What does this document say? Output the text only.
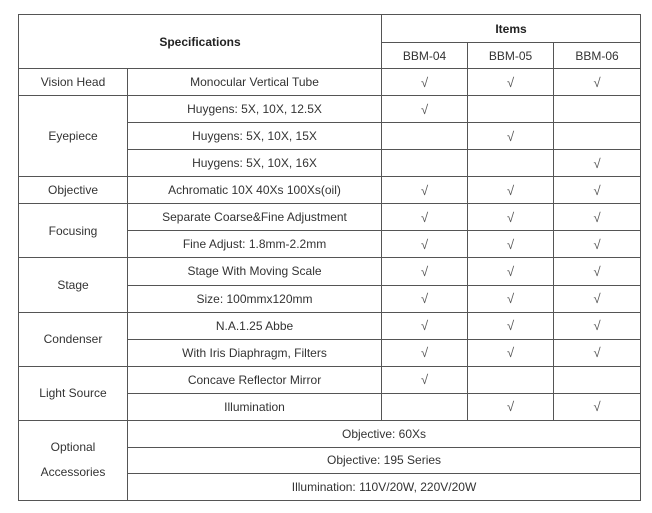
Specifications		Items		
		BBM-04	BBM-05	BBM-06
Vision Head	Monocular Vertical Tube	√	√	√
Eyepiece	Huygens: 5X, 10X, 12.5X	√		
	Huygens: 5X, 10X, 15X		√	
	Huygens: 5X, 10X, 16X			√
Objective	Achromatic 10X 40Xs 100Xs(oil)	√	√	√
Focusing	Separate Coarse&Fine Adjustment	√	√	√
	Fine Adjust: 1.8mm-2.2mm	√	√	√
Stage	Stage With Moving Scale	√	√	√
	Size: 100mmx120mm	√	√	√
Condenser	N.A.1.25 Abbe	√	√	√
	With Iris Diaphragm, Filters	√	√	√
Light Source	Concave Reflector Mirror	√		
	Illumination		√	√

Optional
Accessories	Objective: 60Xs			
	Objective: 195 Series			
	Illumination: 110V/20W, 220V/20W			
